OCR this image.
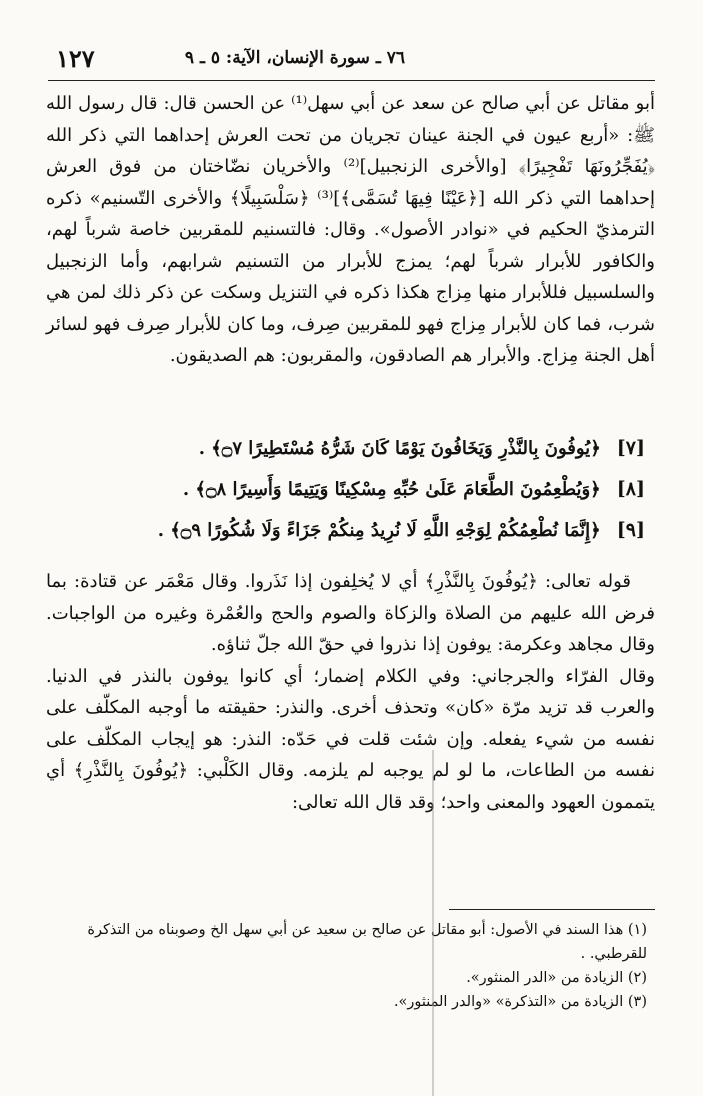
١٢٧	٧٦ ـ سورة الإنسان، الآية: ٥ ـ ٩

أبو مقاتل عن أبي صالح عن سعد عن أبي سهل⁽¹⁾ عن الحسن قال: قال رسول الله ﷺ: «أربع عيون في الجنة عينان تجريان من تحت العرش إحداهما التي ذكر الله ﴿يُفَجِّرُونَهَا تَفْجِيرًا﴾ [والأخرى الزنجبيل]⁽²⁾ والأخريان نضّاختان من فوق العرش إحداهما التي ذكر الله [﴿عَيْنًا فِيهَا تُسَمَّى﴾]⁽³⁾ ﴿سَلْسَبِيلًا﴾ والأخرى التّسنيم» ذكره الترمذيّ الحكيم في «نوادر الأصول». وقال: فالتسنيم للمقربين خاصة شرباً لهم، والكافور للأبرار شرباً لهم؛ يمزج للأبرار من التسنيم شرابهم، وأما الزنجبيل والسلسبيل فللأبرار منها مِزاج هكذا ذكره في التنزيل وسكت عن ذكر ذلك لمن هي شرب، فما كان للأبرار مِزاج فهو للمقربين صِرف، وما كان للأبرار صِرف فهو لسائر أهل الجنة مِزاج. والأبرار هم الصادقون، والمقربون: هم الصديقون.

[٧] ﴿يُوفُونَ بِالنَّذْرِ وَيَخَافُونَ يَوْمًا كَانَ شَرُّهُ مُسْتَطِيرًا ۝٧﴾ .
[٨] ﴿وَيُطْعِمُونَ الطَّعَامَ عَلَىٰ حُبِّهِ مِسْكِينًا وَيَتِيمًا وَأَسِيرًا ۝٨﴾ .
[٩] ﴿إِنَّمَا نُطْعِمُكُمْ لِوَجْهِ اللَّهِ لَا نُرِيدُ مِنكُمْ جَزَاءً وَلَا شُكُورًا ۝٩﴾ .

قوله تعالى: ﴿يُوفُونَ بِالنَّذْرِ﴾ أي لا يُخلِفون إذا نَذَروا. وقال مَعْمَر عن قتادة: بما فرض الله عليهم من الصلاة والزكاة والصوم والحج والعُمْرة وغيره من الواجبات. وقال مجاهد وعكرمة: يوفون إذا نذروا في حقّ الله جلّ ثناؤه.

وقال الفرّاء والجرجاني: وفي الكلام إضمار؛ أي كانوا يوفون بالنذر في الدنيا. والعرب قد تزيد مرّة «كان» وتحذف أخرى. والنذر: حقيقته ما أوجبه المكلّف على نفسه من شيء يفعله. وإن شئت قلت في حَدّه: النذر: هو إيجاب المكلّف على نفسه من الطاعات، ما لو لم يوجبه لم يلزمه. وقال الكَلْبي: ﴿يُوفُونَ بِالنَّذْرِ﴾ أي يتممون العهود والمعنى واحد؛ وقد قال الله تعالى:

(١) هذا السند في الأصول: أبو مقاتل عن صالح بن سعيد عن أبي سهل الخ وصوبناه من التذكرة للقرطبي. .

(٢) الزيادة من «الدر المنثور».

(٣) الزيادة من «التذكرة» «والدر المنثور».
